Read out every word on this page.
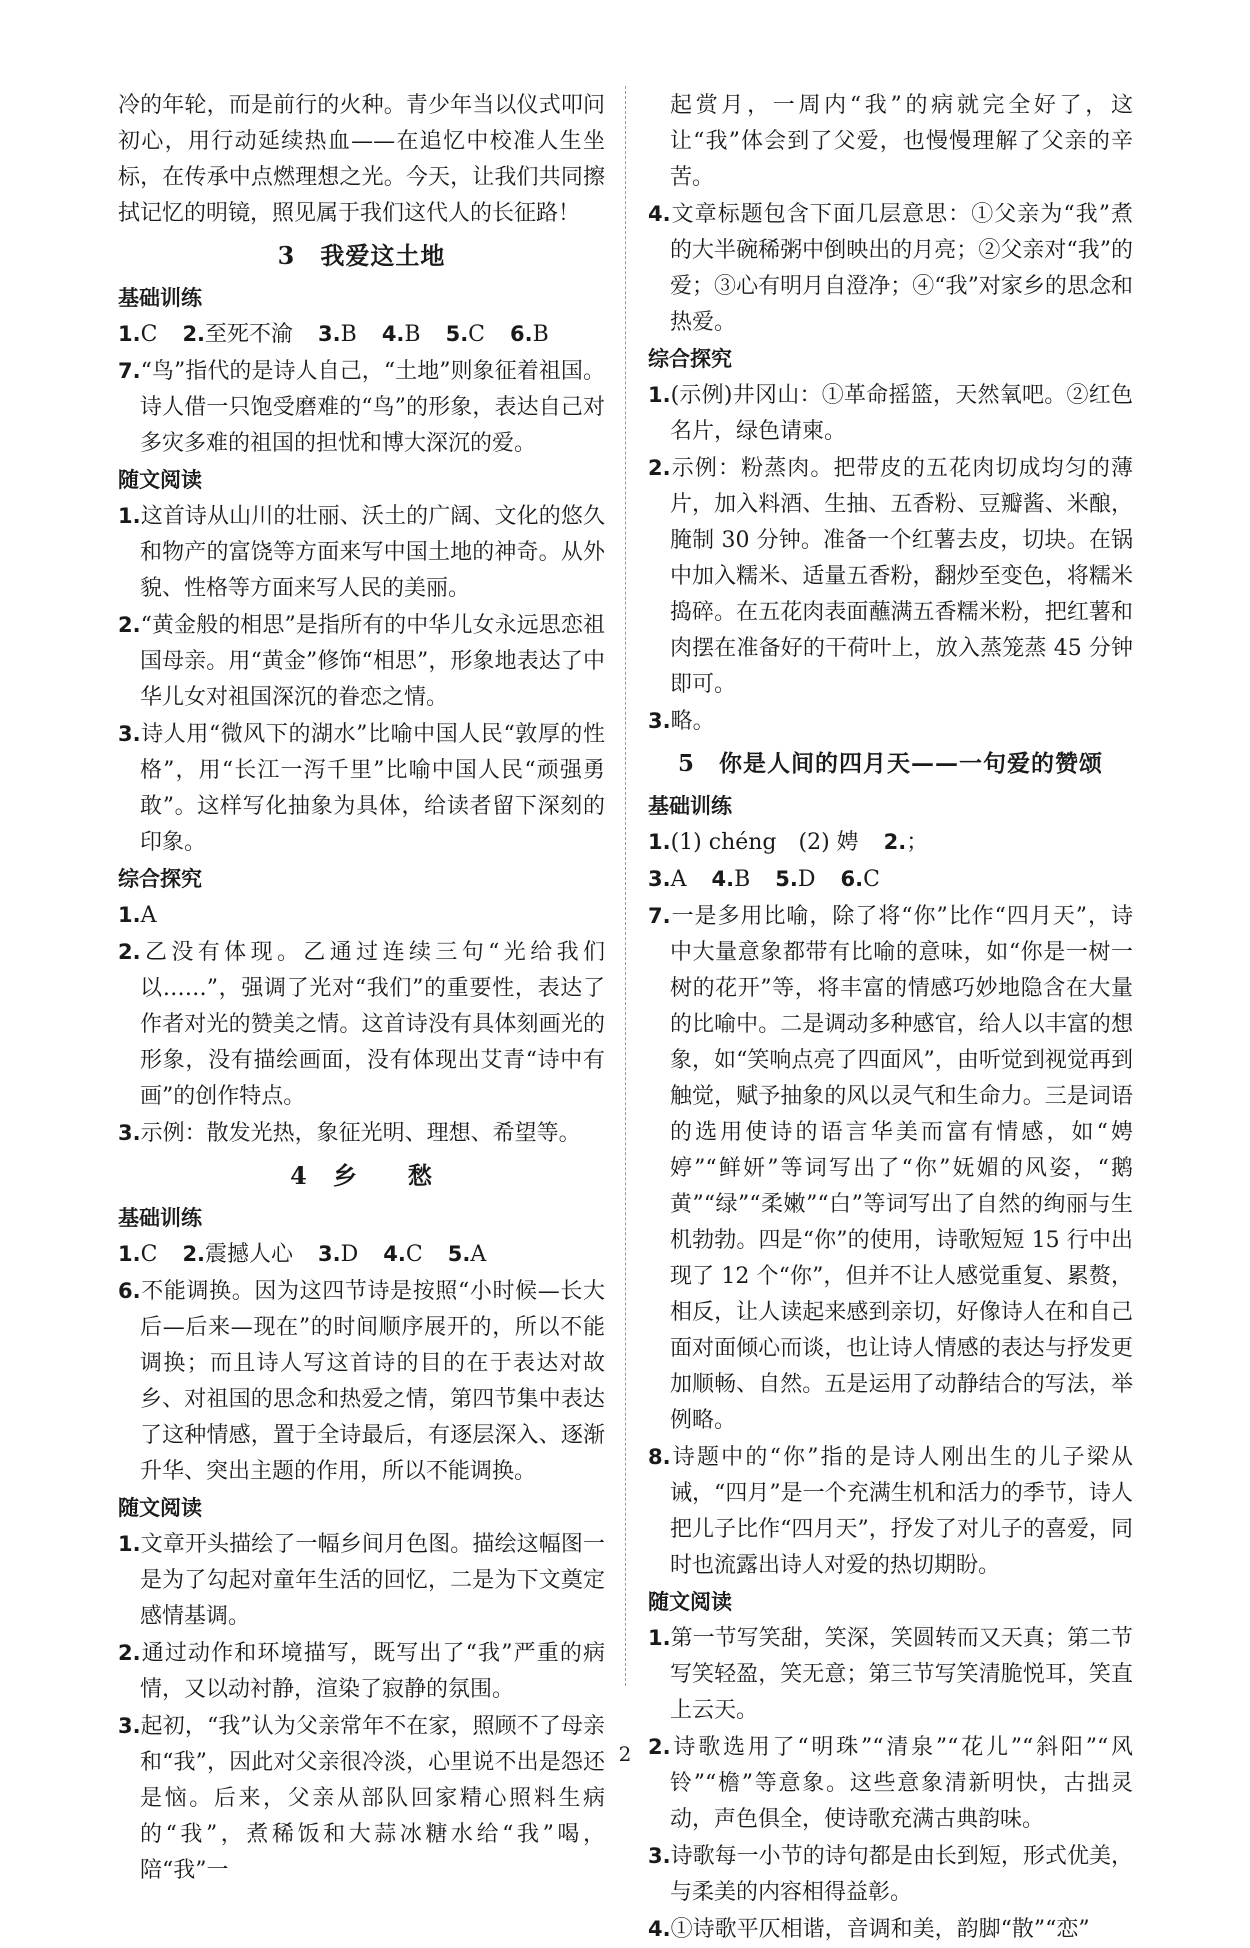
冷的年轮，而是前行的火种。青少年当以仪式叩问初心，用行动延续热血——在追忆中校准人生坐标，在传承中点燃理想之光。今天，让我们共同擦拭记忆的明镜，照见属于我们这代人的长征路！

3　我爱这土地
基础训练
1.C 2.至死不渝 3.B 4.B 5.C 6.B

7.“鸟”指代的是诗人自己，“土地”则象征着祖国。诗人借一只饱受磨难的“鸟”的形象，表达自己对多灾多难的祖国的担忧和博大深沉的爱。

随文阅读

1.这首诗从山川的壮丽、沃土的广阔、文化的悠久和物产的富饶等方面来写中国土地的神奇。从外貌、性格等方面来写人民的美丽。

2.“黄金般的相思”是指所有的中华儿女永远思恋祖国母亲。用“黄金”修饰“相思”，形象地表达了中华儿女对祖国深沉的眷恋之情。

3.诗人用“微风下的湖水”比喻中国人民“敦厚的性格”，用“长江一泻千里”比喻中国人民“顽强勇敢”。这样写化抽象为具体，给读者留下深刻的印象。

综合探究

1.A

2.乙没有体现。乙通过连续三句“光给我们以……”，强调了光对“我们”的重要性，表达了作者对光的赞美之情。这首诗没有具体刻画光的形象，没有描绘画面，没有体现出艾青“诗中有画”的创作特点。

3.示例：散发光热，象征光明、理想、希望等。

4　乡　　愁
基础训练
1.C 2.震撼人心 3.D 4.C 5.A

6.不能调换。因为这四节诗是按照“小时候—长大后—后来—现在”的时间顺序展开的，所以不能调换；而且诗人写这首诗的目的在于表达对故乡、对祖国的思念和热爱之情，第四节集中表达了这种情感，置于全诗最后，有逐层深入、逐渐升华、突出主题的作用，所以不能调换。

随文阅读

1.文章开头描绘了一幅乡间月色图。描绘这幅图一是为了勾起对童年生活的回忆，二是为下文奠定感情基调。

2.通过动作和环境描写，既写出了“我”严重的病情，又以动衬静，渲染了寂静的氛围。

3.起初，“我”认为父亲常年不在家，照顾不了母亲和“我”，因此对父亲很冷淡，心里说不出是怨还是恼。后来，父亲从部队回家精心照料生病的“我”，煮稀饭和大蒜冰糖水给“我”喝，陪“我”一

起赏月，一周内“我”的病就完全好了，这让“我”体会到了父爱，也慢慢理解了父亲的辛苦。

4.文章标题包含下面几层意思：①父亲为“我”煮的大半碗稀粥中倒映出的月亮；②父亲对“我”的爱；③心有明月自澄净；④“我”对家乡的思念和热爱。

综合探究

1.(示例)井冈山：①革命摇篮，天然氧吧。②红色名片，绿色请柬。

2.示例：粉蒸肉。把带皮的五花肉切成均匀的薄片，加入料酒、生抽、五香粉、豆瓣酱、米酿，腌制 30 分钟。准备一个红薯去皮，切块。在锅中加入糯米、适量五香粉，翻炒至变色，将糯米捣碎。在五花肉表面蘸满五香糯米粉，把红薯和肉摆在准备好的干荷叶上，放入蒸笼蒸 45 分钟即可。

3.略。

5　你是人间的四月天——一句爱的赞颂
基础训练
1.(1) chéng　(2) 娉 2.；
3.A 4.B 5.D 6.C

7.一是多用比喻，除了将“你”比作“四月天”，诗中大量意象都带有比喻的意味，如“你是一树一树的花开”等，将丰富的情感巧妙地隐含在大量的比喻中。二是调动多种感官，给人以丰富的想象，如“笑响点亮了四面风”，由听觉到视觉再到触觉，赋予抽象的风以灵气和生命力。三是词语的选用使诗的语言华美而富有情感，如“娉婷”“鲜妍”等词写出了“你”妩媚的风姿，“鹅黄”“绿”“柔嫩”“白”等词写出了自然的绚丽与生机勃勃。四是“你”的使用，诗歌短短 15 行中出现了 12 个“你”，但并不让人感觉重复、累赘，相反，让人读起来感到亲切，好像诗人在和自己面对面倾心而谈，也让诗人情感的表达与抒发更加顺畅、自然。五是运用了动静结合的写法，举例略。

8.诗题中的“你”指的是诗人刚出生的儿子梁从诫，“四月”是一个充满生机和活力的季节，诗人把儿子比作“四月天”，抒发了对儿子的喜爱，同时也流露出诗人对爱的热切期盼。

随文阅读

1.第一节写笑甜，笑深，笑圆转而又天真；第二节写笑轻盈，笑无意；第三节写笑清脆悦耳，笑直上云天。

2.诗歌选用了“明珠”“清泉”“花儿”“斜阳”“风铃”“檐”等意象。这些意象清新明快，古拙灵动，声色俱全，使诗歌充满古典韵味。

3.诗歌每一小节的诗句都是由长到短，形式优美，与柔美的内容相得益彰。

4.①诗歌平仄相谐，音调和美，韵脚“散”“恋”

2
